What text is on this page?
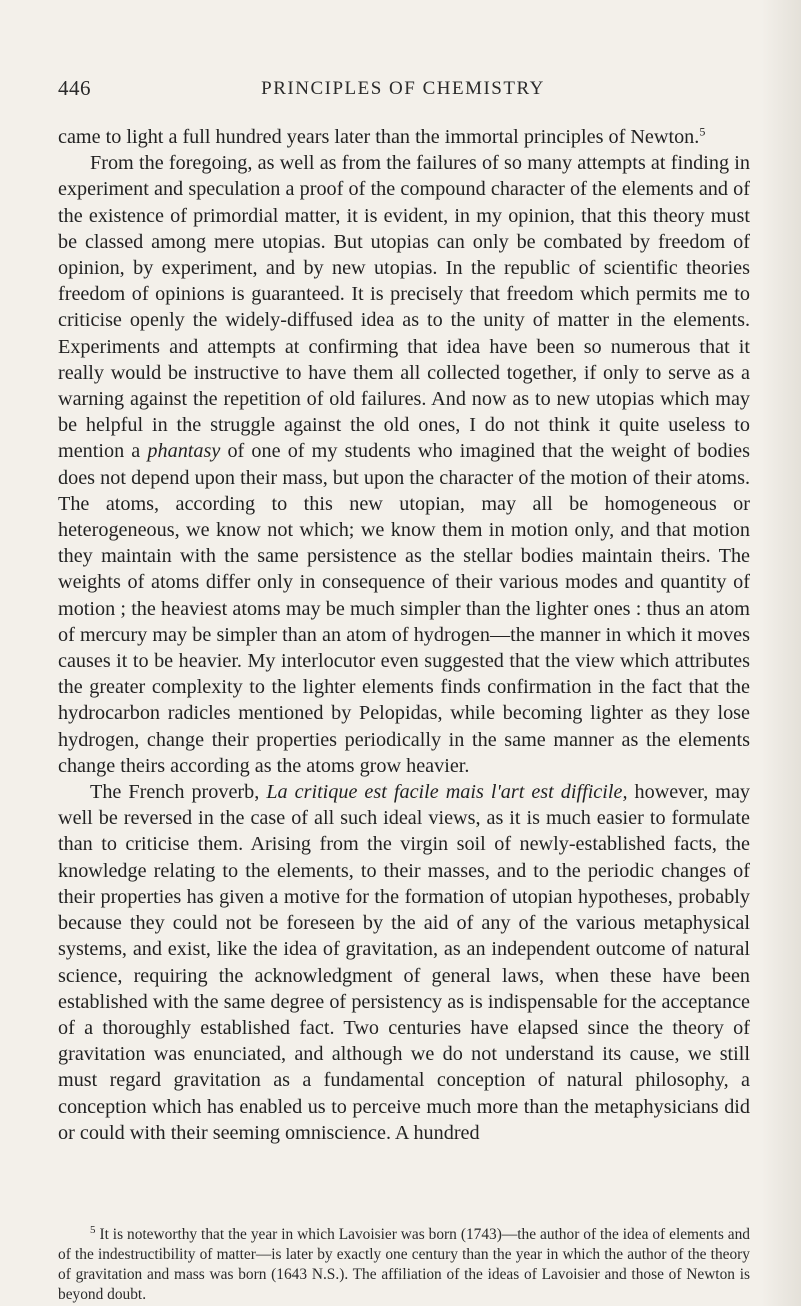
446	PRINCIPLES OF CHEMISTRY

came to light a full hundred years later than the immortal principles of Newton.$^5$

From the foregoing, as well as from the failures of so many attempts at finding in experiment and speculation a proof of the compound character of the elements and of the existence of primordial matter, it is evident, in my opinion, that this theory must be classed among mere utopias. But utopias can only be combated by freedom of opinion, by experiment, and by new utopias. In the republic of scientific theories freedom of opinions is guaranteed. It is precisely that freedom which permits me to criticise openly the widely-diffused idea as to the unity of matter in the elements. Experiments and attempts at confirming that idea have been so numerous that it really would be instructive to have them all collected together, if only to serve as a warning against the repetition of old failures. And now as to new utopias which may be helpful in the struggle against the old ones, I do not think it quite useless to mention a phantasy of one of my students who imagined that the weight of bodies does not depend upon their mass, but upon the character of the motion of their atoms. The atoms, according to this new utopian, may all be homogeneous or heterogeneous, we know not which; we know them in motion only, and that motion they maintain with the same persistence as the stellar bodies maintain theirs. The weights of atoms differ only in consequence of their various modes and quantity of motion ; the heaviest atoms may be much simpler than the lighter ones : thus an atom of mercury may be simpler than an atom of hydrogen—the manner in which it moves causes it to be heavier. My interlocutor even suggested that the view which attributes the greater complexity to the lighter elements finds confirmation in the fact that the hydrocarbon radicles mentioned by Pelopidas, while becoming lighter as they lose hydrogen, change their properties periodically in the same manner as the elements change theirs according as the atoms grow heavier.

The French proverb, La critique est facile mais l'art est difficile, however, may well be reversed in the case of all such ideal views, as it is much easier to formulate than to criticise them. Arising from the virgin soil of newly-established facts, the knowledge relating to the elements, to their masses, and to the periodic changes of their properties has given a motive for the formation of utopian hypotheses, probably because they could not be foreseen by the aid of any of the various metaphysical systems, and exist, like the idea of gravitation, as an independent outcome of natural science, requiring the acknowledgment of general laws, when these have been established with the same degree of persistency as is indispensable for the acceptance of a thoroughly established fact. Two centuries have elapsed since the theory of gravitation was enunciated, and although we do not understand its cause, we still must regard gravitation as a fundamental conception of natural philosophy, a conception which has enabled us to perceive much more than the metaphysicians did or could with their seeming omniscience. A hundred

$^5$ It is noteworthy that the year in which Lavoisier was born (1743)—the author of the idea of elements and of the indestructibility of matter—is later by exactly one century than the year in which the author of the theory of gravitation and mass was born (1643 N.S.). The affiliation of the ideas of Lavoisier and those of Newton is beyond doubt.
